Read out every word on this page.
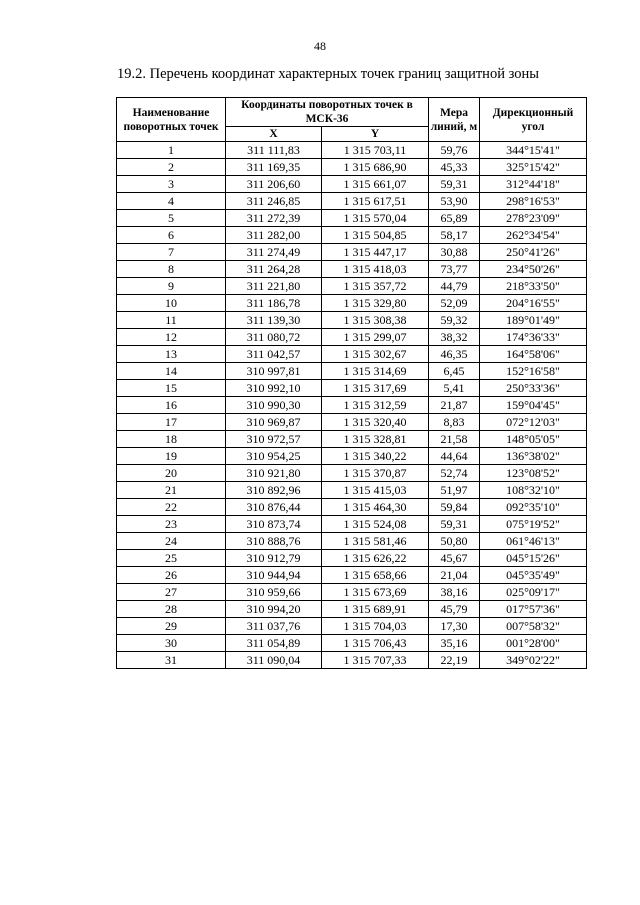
48
19.2. Перечень координат характерных точек границ защитной зоны
Наименование поворотных точек	Координаты поворотных точек в МСК-36		Мера линий, м	Дирекционный угол
	X	Y		
1	311 111,83	1 315 703,11	59,76	344°15'41"
2	311 169,35	1 315 686,90	45,33	325°15'42"
3	311 206,60	1 315 661,07	59,31	312°44'18"
4	311 246,85	1 315 617,51	53,90	298°16'53"
5	311 272,39	1 315 570,04	65,89	278°23'09"
6	311 282,00	1 315 504,85	58,17	262°34'54"
7	311 274,49	1 315 447,17	30,88	250°41'26"
8	311 264,28	1 315 418,03	73,77	234°50'26"
9	311 221,80	1 315 357,72	44,79	218°33'50"
10	311 186,78	1 315 329,80	52,09	204°16'55"
11	311 139,30	1 315 308,38	59,32	189°01'49"
12	311 080,72	1 315 299,07	38,32	174°36'33"
13	311 042,57	1 315 302,67	46,35	164°58'06"
14	310 997,81	1 315 314,69	6,45	152°16'58"
15	310 992,10	1 315 317,69	5,41	250°33'36"
16	310 990,30	1 315 312,59	21,87	159°04'45"
17	310 969,87	1 315 320,40	8,83	072°12'03"
18	310 972,57	1 315 328,81	21,58	148°05'05"
19	310 954,25	1 315 340,22	44,64	136°38'02"
20	310 921,80	1 315 370,87	52,74	123°08'52"
21	310 892,96	1 315 415,03	51,97	108°32'10"
22	310 876,44	1 315 464,30	59,84	092°35'10"
23	310 873,74	1 315 524,08	59,31	075°19'52"
24	310 888,76	1 315 581,46	50,80	061°46'13"
25	310 912,79	1 315 626,22	45,67	045°15'26"
26	310 944,94	1 315 658,66	21,04	045°35'49"
27	310 959,66	1 315 673,69	38,16	025°09'17"
28	310 994,20	1 315 689,91	45,79	017°57'36"
29	311 037,76	1 315 704,03	17,30	007°58'32"
30	311 054,89	1 315 706,43	35,16	001°28'00"
31	311 090,04	1 315 707,33	22,19	349°02'22"
